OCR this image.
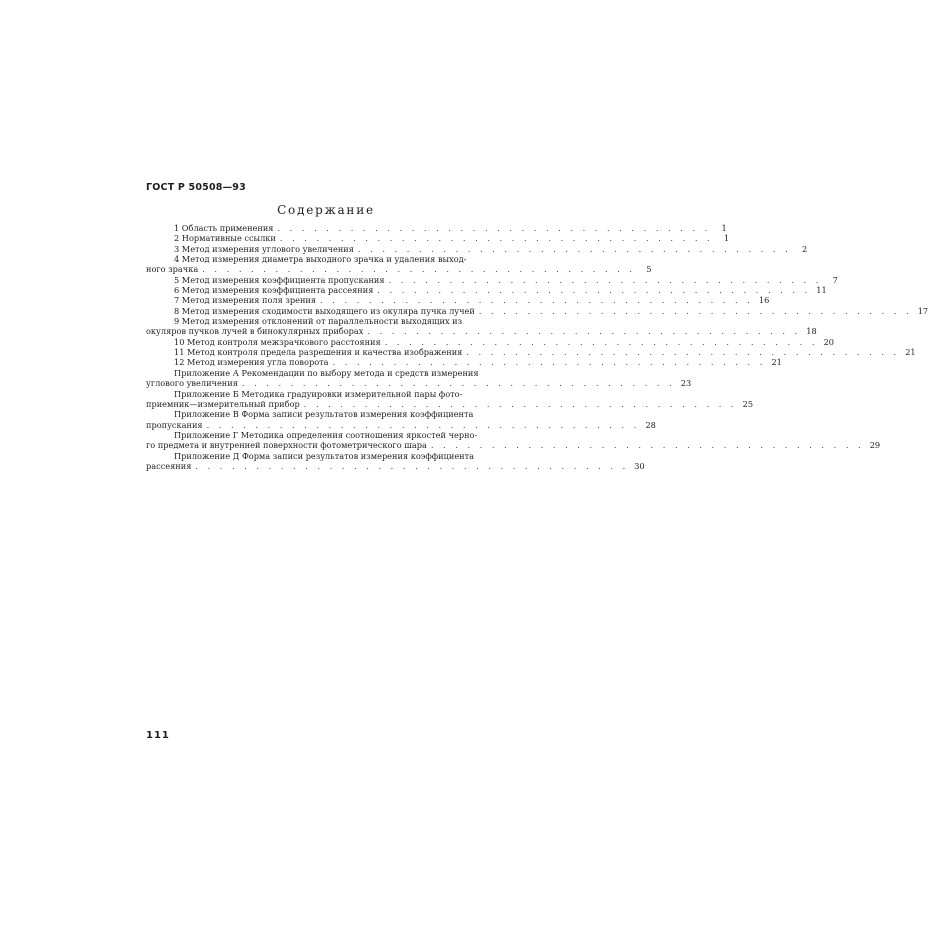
ГОСТ Р 50508—93
Содержание
1 Область применения . . . . . . . . . . . . . . . . . . . . . . . . . . . . . . . . . . . .	1
2 Нормативные ссылки . . . . . . . . . . . . . . . . . . . . . . . . . . . . . . . . . . . .	1
3 Метод измерения углового увеличения . . . . . . . . . . . . . . . . . . . . . . . . . . . . . . . . . . . .	2
4 Метод измерения диаметра выходного зрачка и удаления выход-
ного зрачка . . . . . . . . . . . . . . . . . . . . . . . . . . . . . . . . . . . .	5
5 Метод измерения коэффициента пропускания . . . . . . . . . . . . . . . . . . . . . . . . . . . . . . . . . . . .	7
6 Метод измерения коэффициента рассеяния . . . . . . . . . . . . . . . . . . . . . . . . . . . . . . . . . . . . 11
7 Метод измерения поля зрения . . . . . . . . . . . . . . . . . . . . . . . . . . . . . . . . . . . . 16
8 Метод измерения сходимости выходящего из окуляра пучка лучей . . . . . . . . . . . . . . . . . . . . . . . . . . . . . . . . . . . . 17
9 Метод измерения отклонений от параллельности выходящих из
окуляров пучков лучей в бинокулярных приборах . . . . . . . . . . . . . . . . . . . . . . . . . . . . . . . . . . . . 18
10 Метод контроля межзрачкового расстояния . . . . . . . . . . . . . . . . . . . . . . . . . . . . . . . . . . . . 20
11 Метод контроля предела разрешения и качества изображения . . . . . . . . . . . . . . . . . . . . . . . . . . . . . . . . . . . . 21
12 Метод измерения угла поворота . . . . . . . . . . . . . . . . . . . . . . . . . . . . . . . . . . . . 21
Приложение А Рекомендации по выбору метода и средств измерения
углового увеличения . . . . . . . . . . . . . . . . . . . . . . . . . . . . . . . . . . . . 23
Приложение Б Методика градуировки измерительной пары фото-
приемник—измерительный прибор . . . . . . . . . . . . . . . . . . . . . . . . . . . . . . . . . . . . 25
Приложение В Форма записи результатов измерения коэффициента
пропускания . . . . . . . . . . . . . . . . . . . . . . . . . . . . . . . . . . . . 28
Приложение Г Методика определения соотношения яркостей черно-
го предмета и внутренней поверхности фотометрического шара . . . . . . . . . . . . . . . . . . . . . . . . . . . . . . . . . . . . 29
Приложение Д Форма записи результатов измерения коэффициента
рассеяния . . . . . . . . . . . . . . . . . . . . . . . . . . . . . . . . . . . . 30
111
